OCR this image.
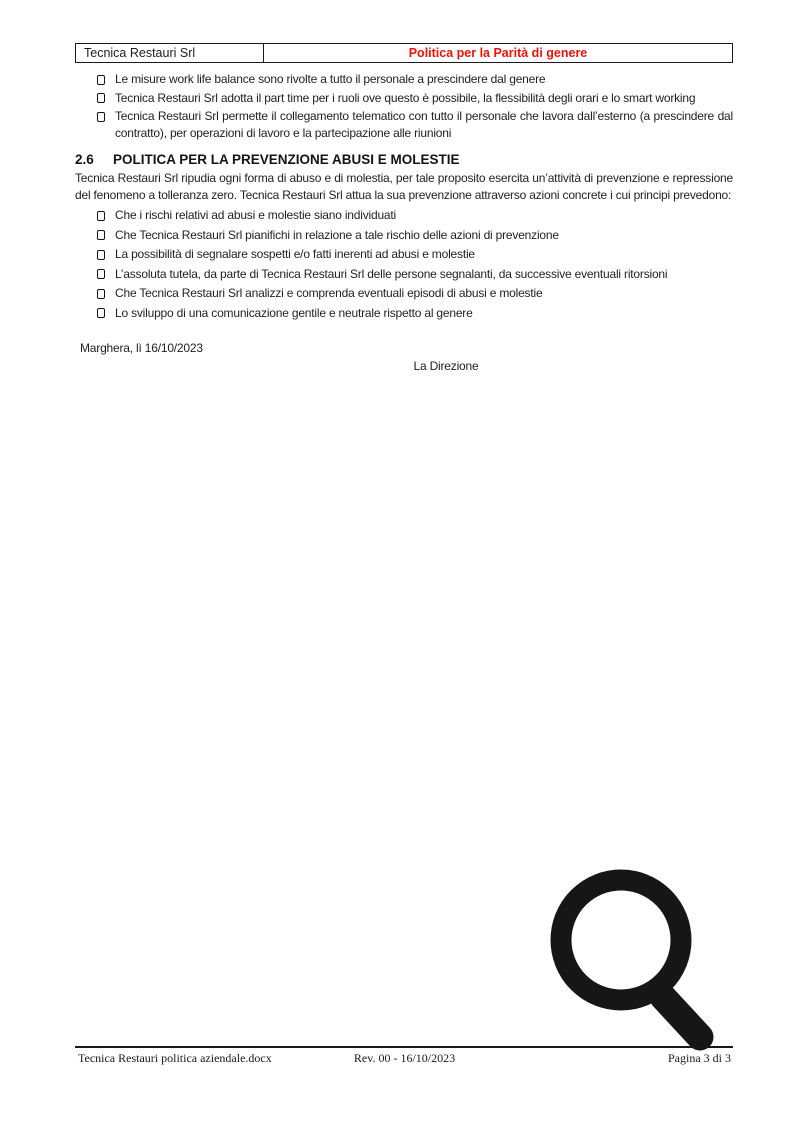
Tecnica Restauri Srl	Politica per la Parità di genere
Le misure work life balance sono rivolte a tutto il personale a prescindere dal genere
Tecnica Restauri Srl adotta il part time per i ruoli ove questo è possibile, la flessibilità degli orari e lo smart working
Tecnica Restauri Srl permette il collegamento telematico con tutto il personale che lavora dall’esterno (a prescindere dal contratto), per operazioni di lavoro e la partecipazione alle riunioni
2.6	POLITICA PER LA PREVENZIONE ABUSI E MOLESTIE

Tecnica Restauri Srl ripudia ogni forma di abuso e di molestia, per tale proposito esercita un’attività di prevenzione e repressione del fenomeno a tolleranza zero. Tecnica Restauri Srl attua la sua prevenzione attraverso azioni concrete i cui principi prevedono:

Che i rischi relativi ad abusi e molestie siano individuati
Che Tecnica Restauri Srl pianifichi in relazione a tale rischio delle azioni di prevenzione
La possibilità di segnalare sospetti e/o fatti inerenti ad abusi e molestie
L’assoluta tutela, da parte di Tecnica Restauri Srl delle persone segnalanti, da successive eventuali ritorsioni
Che Tecnica Restauri Srl analizzi e comprenda eventuali episodi di abusi e molestie
Lo sviluppo di una comunicazione gentile e neutrale rispetto al genere
Marghera, lì 16/10/2023
La Direzione
Tecnica Restauri politica aziendale.docx	Rev. 00 - 16/10/2023	Pagina 3 di 3
